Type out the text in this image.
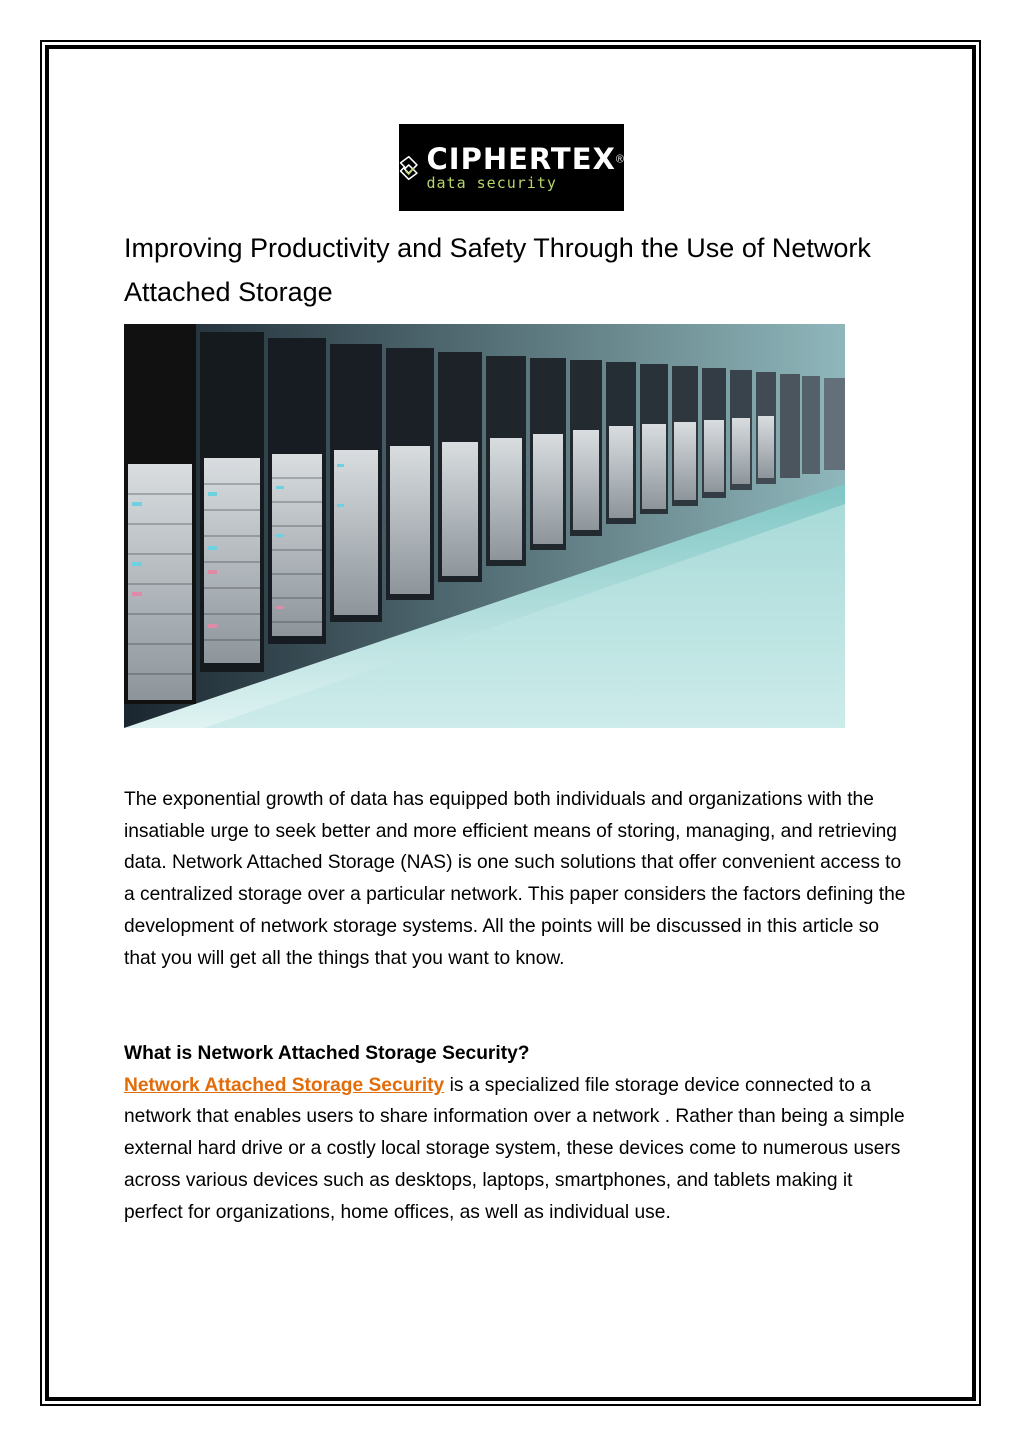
CIPHERTEX®
data security
Improving Productivity and Safety Through the Use of Network Attached Storage

The exponential growth of data has equipped both individuals and organizations with the insatiable urge to seek better and more efficient means of storing, managing, and retrieving data. Network Attached Storage (NAS) is one such solutions that offer convenient access to a centralized storage over a particular network. This paper considers the factors defining the development of network storage systems. All the points will be discussed in this article so that you will get all the things that you want to know.

What is Network Attached Storage Security?

Network Attached Storage Security is a specialized file storage device connected to a network that enables users to share information over a network . Rather than being a simple external hard drive or a costly local storage system, these devices come to numerous users across various devices such as desktops, laptops, smartphones, and tablets making it perfect for organizations, home offices, as well as individual use.
